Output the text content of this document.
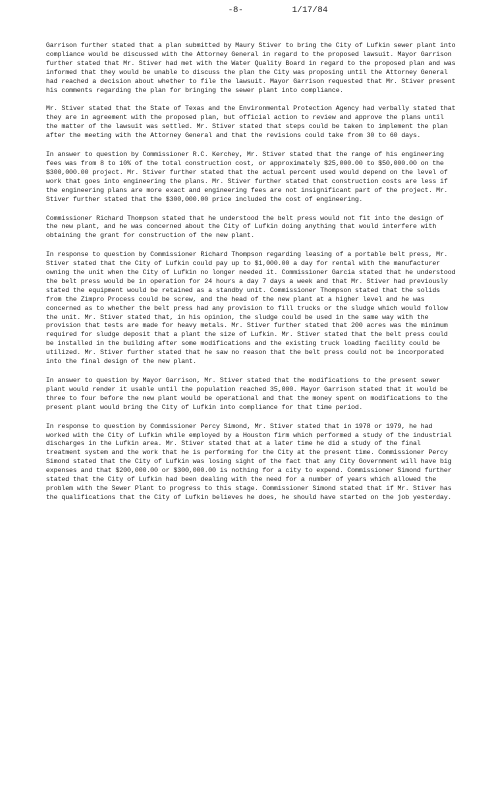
-8-	1/17/84

Garrison further stated that a plan submitted by Maury Stiver to bring the City of Lufkin sewer plant into compliance would be discussed with the Attorney General in regard to the proposed lawsuit. Mayor Garrison further stated that Mr. Stiver had met with the Water Quality Board in regard to the proposed plan and was informed that they would be unable to discuss the plan the City was proposing until the Attorney General had reached a decision about whether to file the lawsuit. Mayor Garrison requested that Mr. Stiver present his comments regarding the plan for bringing the sewer plant into compliance.

Mr. Stiver stated that the State of Texas and the Environmental Protection Agency had verbally stated that they are in agreement with the proposed plan, but official action to review and approve the plans until the matter of the lawsuit was settled. Mr. Stiver stated that steps could be taken to implement the plan after the meeting with the Attorney General and that the revisions could take from 30 to 60 days.

In answer to question by Commissioner R.C. Kerchey, Mr. Stiver stated that the range of his engineering fees was from 8 to 10% of the total construction cost, or approximately $25,000.00 to $50,000.00 on the $300,000.00 project. Mr. Stiver further stated that the actual percent used would depend on the level of work that goes into engineering the plans. Mr. Stiver further stated that construction costs are less if the engineering plans are more exact and engineering fees are not insignificant part of the project. Mr. Stiver further stated that the $300,000.00 price included the cost of engineering.

Commissioner Richard Thompson stated that he understood the belt press would not fit into the design of the new plant, and he was concerned about the City of Lufkin doing anything that would interfere with obtaining the grant for construction of the new plant.

In response to question by Commissioner Richard Thompson regarding leasing of a portable belt press, Mr. Stiver stated that the City of Lufkin could pay up to $1,000.00 a day for rental with the manufacturer owning the unit when the City of Lufkin no longer needed it. Commissioner Garcia stated that he understood the belt press would be in operation for 24 hours a day 7 days a week and that Mr. Stiver had previously stated the equipment would be retained as a standby unit. Commissioner Thompson stated that the solids from the Zimpro Process could be screw, and the head of the new plant at a higher level and he was concerned as to whether the belt press had any provision to fill trucks or the sludge which would follow the unit. Mr. Stiver stated that, in his opinion, the sludge could be used in the same way with the provision that tests are made for heavy metals. Mr. Stiver further stated that 200 acres was the minimum required for sludge deposit that a plant the size of Lufkin. Mr. Stiver stated that the belt press could be installed in the building after some modifications and the existing truck loading facility could be utilized. Mr. Stiver further stated that he saw no reason that the belt press could not be incorporated into the final design of the new plant.

In answer to question by Mayor Garrison, Mr. Stiver stated that the modifications to the present sewer plant would render it usable until the population reached 35,000. Mayor Garrison stated that it would be three to four before the new plant would be operational and that the money spent on modifications to the present plant would bring the City of Lufkin into compliance for that time period.

In response to question by Commissioner Percy Simond, Mr. Stiver stated that in 1978 or 1979, he had worked with the City of Lufkin while employed by a Houston firm which performed a study of the industrial discharges in the Lufkin area. Mr. Stiver stated that at a later time he did a study of the final treatment system and the work that he is performing for the City at the present time. Commissioner Percy Simond stated that the City of Lufkin was losing sight of the fact that any City Government will have big expenses and that $200,000.00 or $300,000.00 is nothing for a city to expend. Commissioner Simond further stated that the City of Lufkin had been dealing with the need for a number of years which allowed the problem with the Sewer Plant to progress to this stage. Commissioner Simond stated that if Mr. Stiver has the qualifications that the City of Lufkin believes he does, he should have started on the job yesterday.
